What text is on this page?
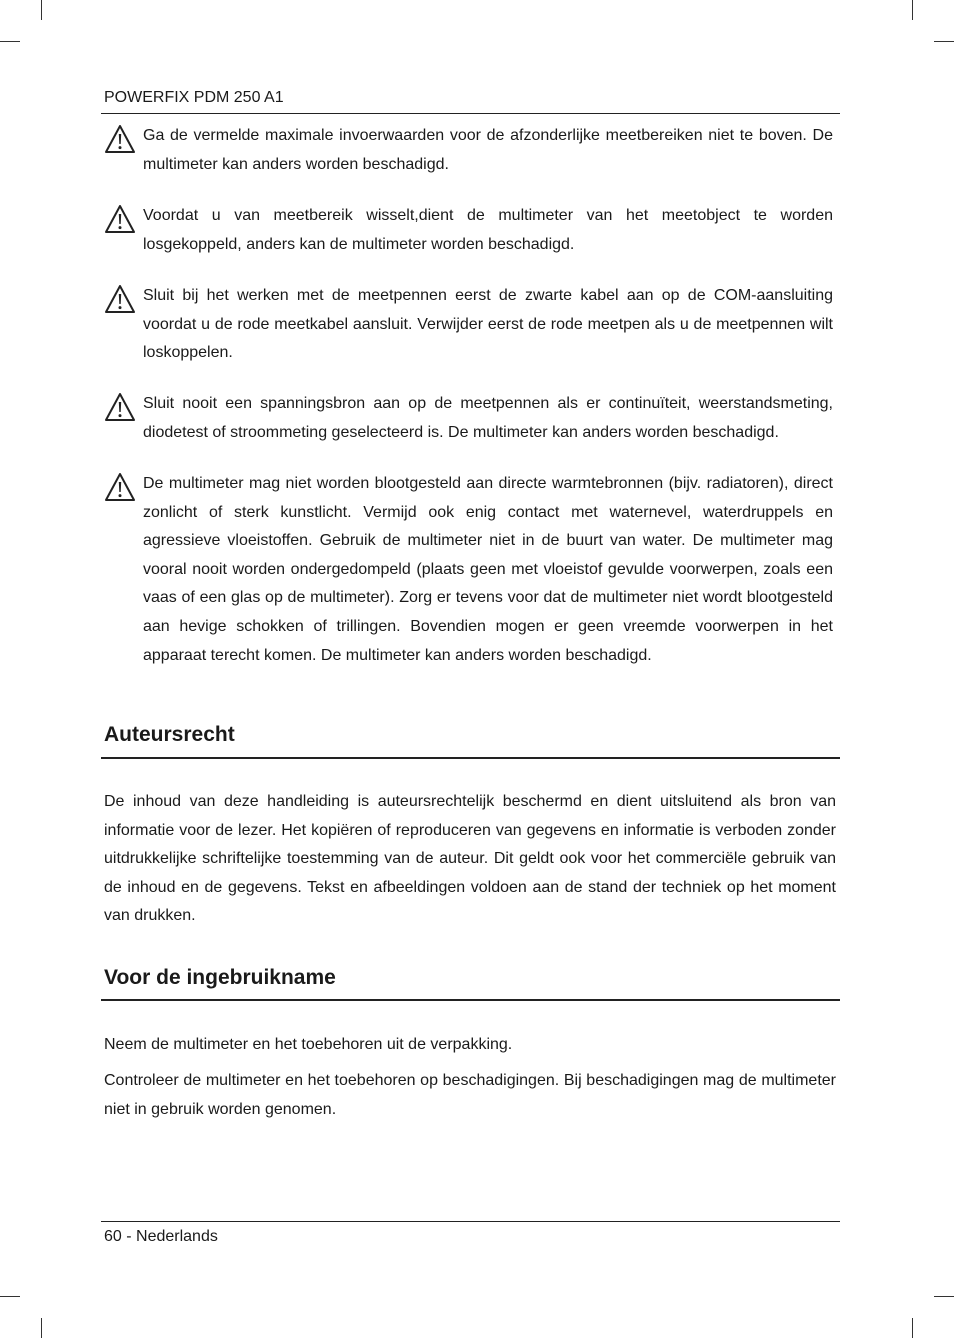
POWERFIX PDM 250 A1
Ga de vermelde maximale invoerwaarden voor de afzonderlijke meetbereiken niet te boven. De multimeter kan anders worden beschadigd.
Voordat u van meetbereik wisselt,dient de multimeter van het meetobject te worden losgekoppeld, anders kan de multimeter worden beschadigd.
Sluit bij het werken met de meetpennen eerst de zwarte kabel aan op de COM-aansluiting voordat u de rode meetkabel aansluit. Verwijder eerst de rode meetpen als u de meetpennen wilt loskoppelen.
Sluit nooit een spanningsbron aan op de meetpennen als er continuïteit, weerstandsmeting, diodetest of stroommeting geselecteerd is. De multimeter kan anders worden beschadigd.
De multimeter mag niet worden blootgesteld aan directe warmtebronnen (bijv. radiatoren), direct zonlicht of sterk kunstlicht. Vermijd ook enig contact met waternevel, waterdruppels en agressieve vloeistoffen. Gebruik de multimeter niet in de buurt van water. De multimeter mag vooral nooit worden ondergedompeld (plaats geen met vloeistof gevulde voorwerpen, zoals een vaas of een glas op de multimeter). Zorg er tevens voor dat de multimeter niet wordt blootgesteld aan hevige schokken of trillingen. Bovendien mogen er geen vreemde voorwerpen in het apparaat terecht komen. De multimeter kan anders worden beschadigd.
Auteursrecht

De inhoud van deze handleiding is auteursrechtelijk beschermd en dient uitsluitend als bron van informatie voor de lezer. Het kopiëren of reproduceren van gegevens en informatie is verboden zonder uitdrukkelijke schriftelijke toestemming van de auteur. Dit geldt ook voor het commerciële gebruik van de inhoud en de gegevens. Tekst en afbeeldingen voldoen aan de stand der techniek op het moment van drukken.

Voor de ingebruikname

Neem de multimeter en het toebehoren uit de verpakking.

Controleer de multimeter en het toebehoren op beschadigingen. Bij beschadigingen mag de multimeter niet in gebruik worden genomen.

60 - Nederlands
